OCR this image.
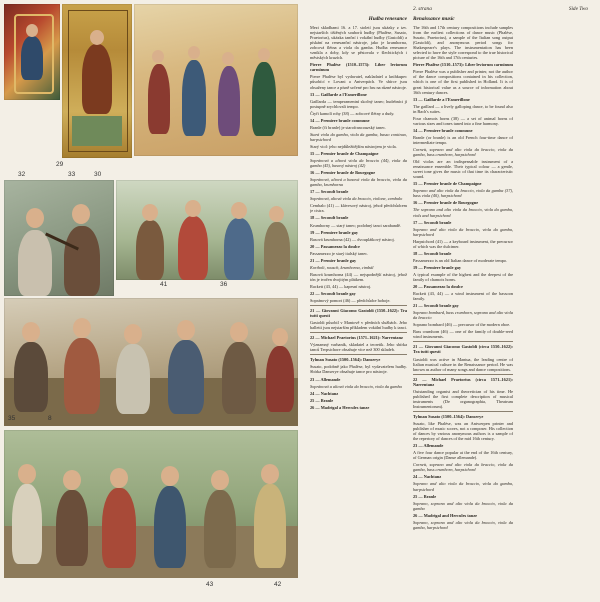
29
30
32	33
41	36
35	8
43	42
2. strana	Side Two
Hudba renesance

Mezi skladbami 16. a 17. století jsou ukázky z tzv. nejstarších tištěných souborů hudby (Phalèse, Susato, Praetorius), ukázka tanční i vokální hudby (Gastoldi) a pískání na renesanční nástroje, jako je krumhorna, zobcová flétna a viola da gamba. Hudba renesance vznikla z doby, kdy se pěstovala v šlechtických i městských kruzích.

Pierre Phalèse (1510–1573): Liber leviorum carminum

Pierre Phalèse byl vydavatel, nakladatel a knihkupec působící v Lovani a Antverpách. Ve sbírce jsou obsaženy tance a písně určené pro hru na různé nástroje.

13 — Gaillarde a l'Esmerillone

Gaillarda — temperamentní skočný tanec; hudebníci jí postupně zrychlovali tempo.

Čtyři kamolí rohy (38) — zobcové flétny a dudy.

14 — Premiere branle commune

Branle (či branle) je starofrancouzský tanec.

Stará viola da gamba, viola da gamba, basso continuo, harpsichord

Starý viol: jeho nejdůležitějším nástrojem je viola.

15 — Premier branle de Champaigne

Sopránová a altová viola da braccio (44), viola da gamba (45), basový nástroj (42)

16 — Premier branle de Bourgogne

Sopránová, altová a basová viola da braccio, viola da gamba, krumhorna

17 — Secondt branle

Sopránová, altová viola da braccio, violone, cembalo

Cembalo (41) — klávesový nástroj, jehož předchůdcem je cistra.

18 — Secondt branle

Krumhorny — starý tanec; podobný tanci sarabandě.

19 — Premiere branle gay

Basová krumhorna (42) — dvouplátkový nástroj.

20 — Passamezzo la doulce

Passamezzo je starý italský tanec.

21 — Premier branle gay

Kortholt, rausch, krumhorna, cimbál

Basová krumhorna (44) — nejspodnější nástroj, jehož tón je tvořen dvojitým plátkem.

Rackett (43, 44) — kapesní nástroj.

22 — Secondt branle gay

Sopránový pomort (46) — předchůdce hoboje.

21 — Giovanni Giacomo Gastoldi (1550–1622): Tra tutti questi

Gastoldi působil v Mantově v předních službách. Jeho balletti jsou nejstarším příkladem vokální hudby k tanci.

22 — Michael Praetorius (1571–1621): Narrentanz

Významný varhaník, skladatel a teoretik. Jeho sbírka tanců Terpsichore obsahuje více než 300 skladeb.

Tylman Susato (1500–1564): Danserye

Susato, podobně jako Phalèse, byl vydavatelem hudby. Sbírka Danserye obsahuje tance pro nástroje.

23 — Allemande

Sopránová a altová viola da braccio, viola da gamba

24 — Nachtanz

25 — Branle

26 — Madrigal a Hercules tanze

Renaissance music

The 16th and 17th century compositions include samples from the earliest collections of dance music (Phalèse, Susato, Praetorius), a sample of the Italian song output (Gastoldi), and anonymous period songs for Shakespeare's plays. The instrumentation has been selected to have the style correspond to the true historical picture of the 16th and 17th centuries.

Pierre Phalèse (1510–1573): Liber leviorum carminum

Pierre Phalèse was a publisher and printer, not the author of the dance compositions contained in his collection, which is one of the first published in Holland. It is of great historical value as a source of information about 16th century dances.

13 — Gaillarde a l'Esmerillone

The gaillard — a lively galloping dance, to be found also in Bach's suites.

Four chamois horns (38) — a set of animal horns of various sizes and tones tuned into a fine harmony.

14 — Premiere branle commune

Branle (or branle) is an old French four-time dance of intermediate tempo.

Cornett, soprano and alto viola da braccio, viola da gamba, bass crumhorn, harpsichord

Old violas are an indispensable instrument of a renaissance ensemble. Their typical colour — a gentle, sweet tone gives the music of that time its characteristic sound.

15 — Premier branle de Champaigne

Soprano and alto viola da braccio, viola da gamba (37), bass viola (40), harpsichord

16 — Premier branle de Bourgogne

The soprano and alto viola da braccio, viola da gamba, viols and harpsichord

17 — Secondt branle

Soprano and alto viola da braccio, viola da gamba, harpsichord

Harpsichord (41) — a keyboard instrument, the precursor of which was the dulcimer.

18 — Secondt branle

Passamezzo is an old Italian dance of moderate tempo.

19 — Premiere branle gay

A typical example of the highest and the deepest of the family of chamois horns.

20 — Passamezzo la doulce

Rackett (43, 44) — a wind instrument of the bassoon family.

21 — Secondt branle gay

Soprano bombard, bass crumhorn, soprano and alto viola da braccio

Soprano bombard (46) — precursor of the modern oboe.

Bass crumhorn (46) — one of the family of double-reed wind instruments.

21 — Giovanni Giacomo Gastoldi (circa 1550–1622): Tra tutti questi

Gastoldi was active in Mantua, the leading centre of Italian musical culture in the Renaissance period. He was known as author of many songs and dance compositions.

22 — Michael Praetorius (circa 1571–1621): Narrentanz

Outstanding organist and theoretician of his time. He published the first complete description of musical instruments (De organographia, Theatrum Instrumentorum).

Tylman Susato (1500–1564): Danserye

Susato, like Phalèse, was an Antwerpen printer and publisher of music scores, not a composer. His collection of dances by various anonymous authors is a sample of the repertory of dances of the mid 16th century.

23 — Allemande

A five four dance popular at the end of the 16th century, of German origin (Danse allemande).

Cornett, soprano and alto viola da braccio, viola da gamba, bass crumhorn, harpsichord

24 — Nachtanz

Soprano and alto viola da braccio, viola da gamba, harpsichord

25 — Branle

Soprano, soprano and alto viola da braccio, viola da gamba

26 — Madrigal and Hercules tanze

Soprano, soprano and alto viola da braccio, viola da gamba, harpsichord
